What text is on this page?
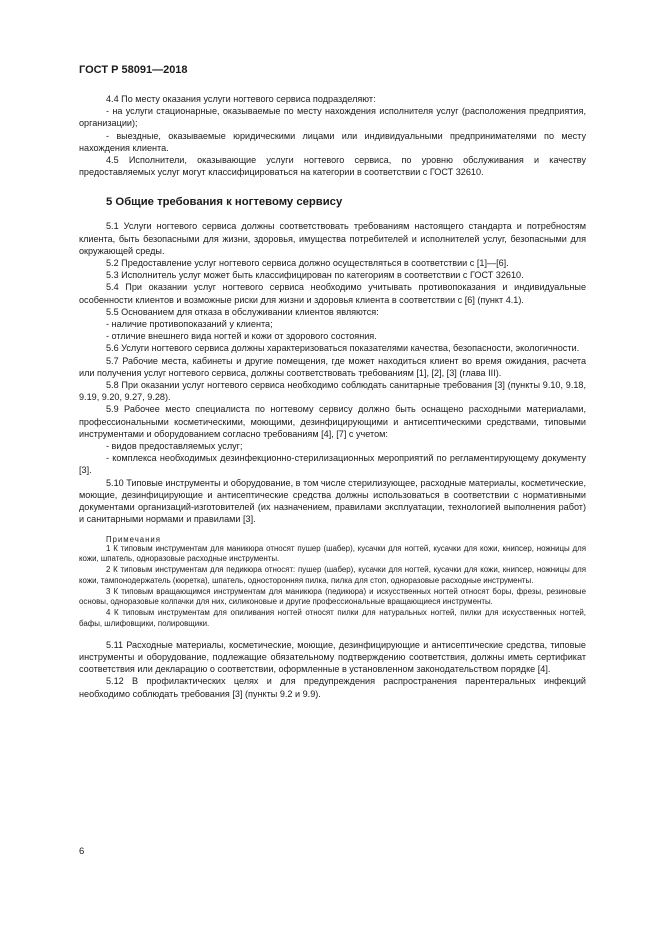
ГОСТ Р 58091—2018

4.4 По месту оказания услуги ногтевого сервиса подразделяют:

- на услуги стационарные, оказываемые по месту нахождения исполнителя услуг (расположения предприятия, организации);

- выездные, оказываемые юридическими лицами или индивидуальными предпринимателями по месту нахождения клиента.

4.5 Исполнители, оказывающие услуги ногтевого сервиса, по уровню обслуживания и качеству предоставляемых услуг могут классифицироваться на категории в соответствии с ГОСТ 32610.

5 Общие требования к ногтевому сервису

5.1 Услуги ногтевого сервиса должны соответствовать требованиям настоящего стандарта и потребностям клиента, быть безопасными для жизни, здоровья, имущества потребителей и исполнителей услуг, безопасными для окружающей среды.

5.2 Предоставление услуг ногтевого сервиса должно осуществляться в соответствии с [1]—[6].

5.3 Исполнитель услуг может быть классифицирован по категориям в соответствии с ГОСТ 32610.

5.4 При оказании услуг ногтевого сервиса необходимо учитывать противопоказания и индивидуальные особенности клиентов и возможные риски для жизни и здоровья клиента в соответствии с [6] (пункт 4.1).

5.5 Основанием для отказа в обслуживании клиентов являются:

- наличие противопоказаний у клиента;

- отличие внешнего вида ногтей и кожи от здорового состояния.

5.6 Услуги ногтевого сервиса должны характеризоваться показателями качества, безопасности, экологичности.

5.7 Рабочие места, кабинеты и другие помещения, где может находиться клиент во время ожидания, расчета или получения услуг ногтевого сервиса, должны соответствовать требованиям [1], [2], [3] (глава III).

5.8 При оказании услуг ногтевого сервиса необходимо соблюдать санитарные требования [3] (пункты 9.10, 9.18, 9.19, 9.20, 9.27, 9.28).

5.9 Рабочее место специалиста по ногтевому сервису должно быть оснащено расходными материалами, профессиональными косметическими, моющими, дезинфицирующими и антисептическими средствами, типовыми инструментами и оборудованием согласно требованиям [4], [7] с учетом:

- видов предоставляемых услуг;

- комплекса необходимых дезинфекционно-стерилизационных мероприятий по регламентирующему документу [3].

5.10 Типовые инструменты и оборудование, в том числе стерилизующее, расходные материалы, косметические, моющие, дезинфицирующие и антисептические средства должны использоваться в соответствии с нормативными документами организаций-изготовителей (их назначением, правилами эксплуатации, технологией выполнения работ) и санитарными нормами и правилами [3].

Примечания

1 К типовым инструментам для маникюра относят пушер (шабер), кусачки для ногтей, кусачки для кожи, книпсер, ножницы для кожи, шпатель, одноразовые расходные инструменты.

2 К типовым инструментам для педикюра относят: пушер (шабер), кусачки для ногтей, кусачки для кожи, книпсер, ножницы для кожи, тампонодержатель (кюретка), шпатель, односторонняя пилка, пилка для стоп, одноразовые расходные инструменты.

3 К типовым вращающимся инструментам для маникюра (педикюра) и искусственных ногтей относят боры, фрезы, резиновые основы, одноразовые колпачки для них, силиконовые и другие профессиональные вращающиеся инструменты.

4 К типовым инструментам для опиливания ногтей относят пилки для натуральных ногтей, пилки для искусственных ногтей, бафы, шлифовщики, полировщики.

5.11 Расходные материалы, косметические, моющие, дезинфицирующие и антисептические средства, типовые инструменты и оборудование, подлежащие обязательному подтверждению соответствия, должны иметь сертификат соответствия или декларацию о соответствии, оформленные в установленном законодательством порядке [4].

5.12 В профилактических целях и для предупреждения распространения парентеральных инфекций необходимо соблюдать требования [3] (пункты 9.2 и 9.9).

6
